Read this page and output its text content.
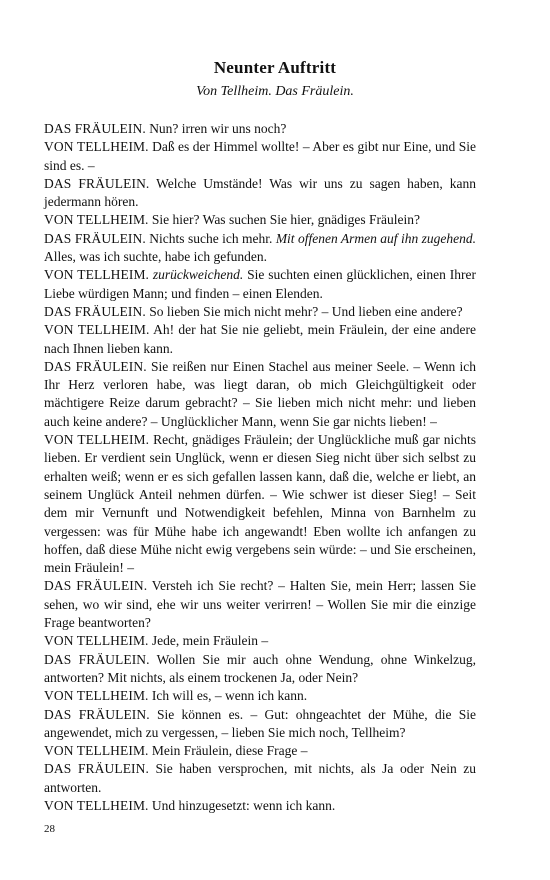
Neunter Auftritt
Von Tellheim. Das Fräulein.

DAS FRÄULEIN. Nun? irren wir uns noch?

VON TELLHEIM. Daß es der Himmel wollte! – Aber es gibt nur Eine, und Sie sind es. –

DAS FRÄULEIN. Welche Umstände! Was wir uns zu sagen haben, kann jedermann hören.

VON TELLHEIM. Sie hier? Was suchen Sie hier, gnädiges Fräulein?

DAS FRÄULEIN. Nichts suche ich mehr. Mit offenen Armen auf ihn zugehend. Alles, was ich suchte, habe ich gefunden.

VON TELLHEIM. zurückweichend. Sie suchten einen glücklichen, einen Ihrer Liebe würdigen Mann; und finden – einen Elenden.

DAS FRÄULEIN. So lieben Sie mich nicht mehr? – Und lieben eine andere?

VON TELLHEIM. Ah! der hat Sie nie geliebt, mein Fräulein, der eine andere nach Ihnen lieben kann.

DAS FRÄULEIN. Sie reißen nur Einen Stachel aus meiner Seele. – Wenn ich Ihr Herz verloren habe, was liegt daran, ob mich Gleichgültigkeit oder mächtigere Reize darum gebracht? – Sie lieben mich nicht mehr: und lieben auch keine andere? – Unglücklicher Mann, wenn Sie gar nichts lieben! –

VON TELLHEIM. Recht, gnädiges Fräulein; der Unglückliche muß gar nichts lieben. Er verdient sein Unglück, wenn er diesen Sieg nicht über sich selbst zu erhalten weiß; wenn er es sich gefallen lassen kann, daß die, welche er liebt, an seinem Unglück Anteil nehmen dürfen. – Wie schwer ist dieser Sieg! – Seit dem mir Vernunft und Notwendigkeit befehlen, Minna von Barnhelm zu vergessen: was für Mühe habe ich angewandt! Eben wollte ich anfangen zu hoffen, daß diese Mühe nicht ewig vergebens sein würde: – und Sie erscheinen, mein Fräulein! –

DAS FRÄULEIN. Versteh ich Sie recht? – Halten Sie, mein Herr; lassen Sie sehen, wo wir sind, ehe wir uns weiter verirren! – Wollen Sie mir die einzige Frage beantworten?

VON TELLHEIM. Jede, mein Fräulein –

DAS FRÄULEIN. Wollen Sie mir auch ohne Wendung, ohne Winkelzug, antworten? Mit nichts, als einem trockenen Ja, oder Nein?

VON TELLHEIM. Ich will es, – wenn ich kann.

DAS FRÄULEIN. Sie können es. – Gut: ohngeachtet der Mühe, die Sie angewendet, mich zu vergessen, – lieben Sie mich noch, Tellheim?

VON TELLHEIM. Mein Fräulein, diese Frage –

DAS FRÄULEIN. Sie haben versprochen, mit nichts, als Ja oder Nein zu antworten.

VON TELLHEIM. Und hinzugesetzt: wenn ich kann.

28
